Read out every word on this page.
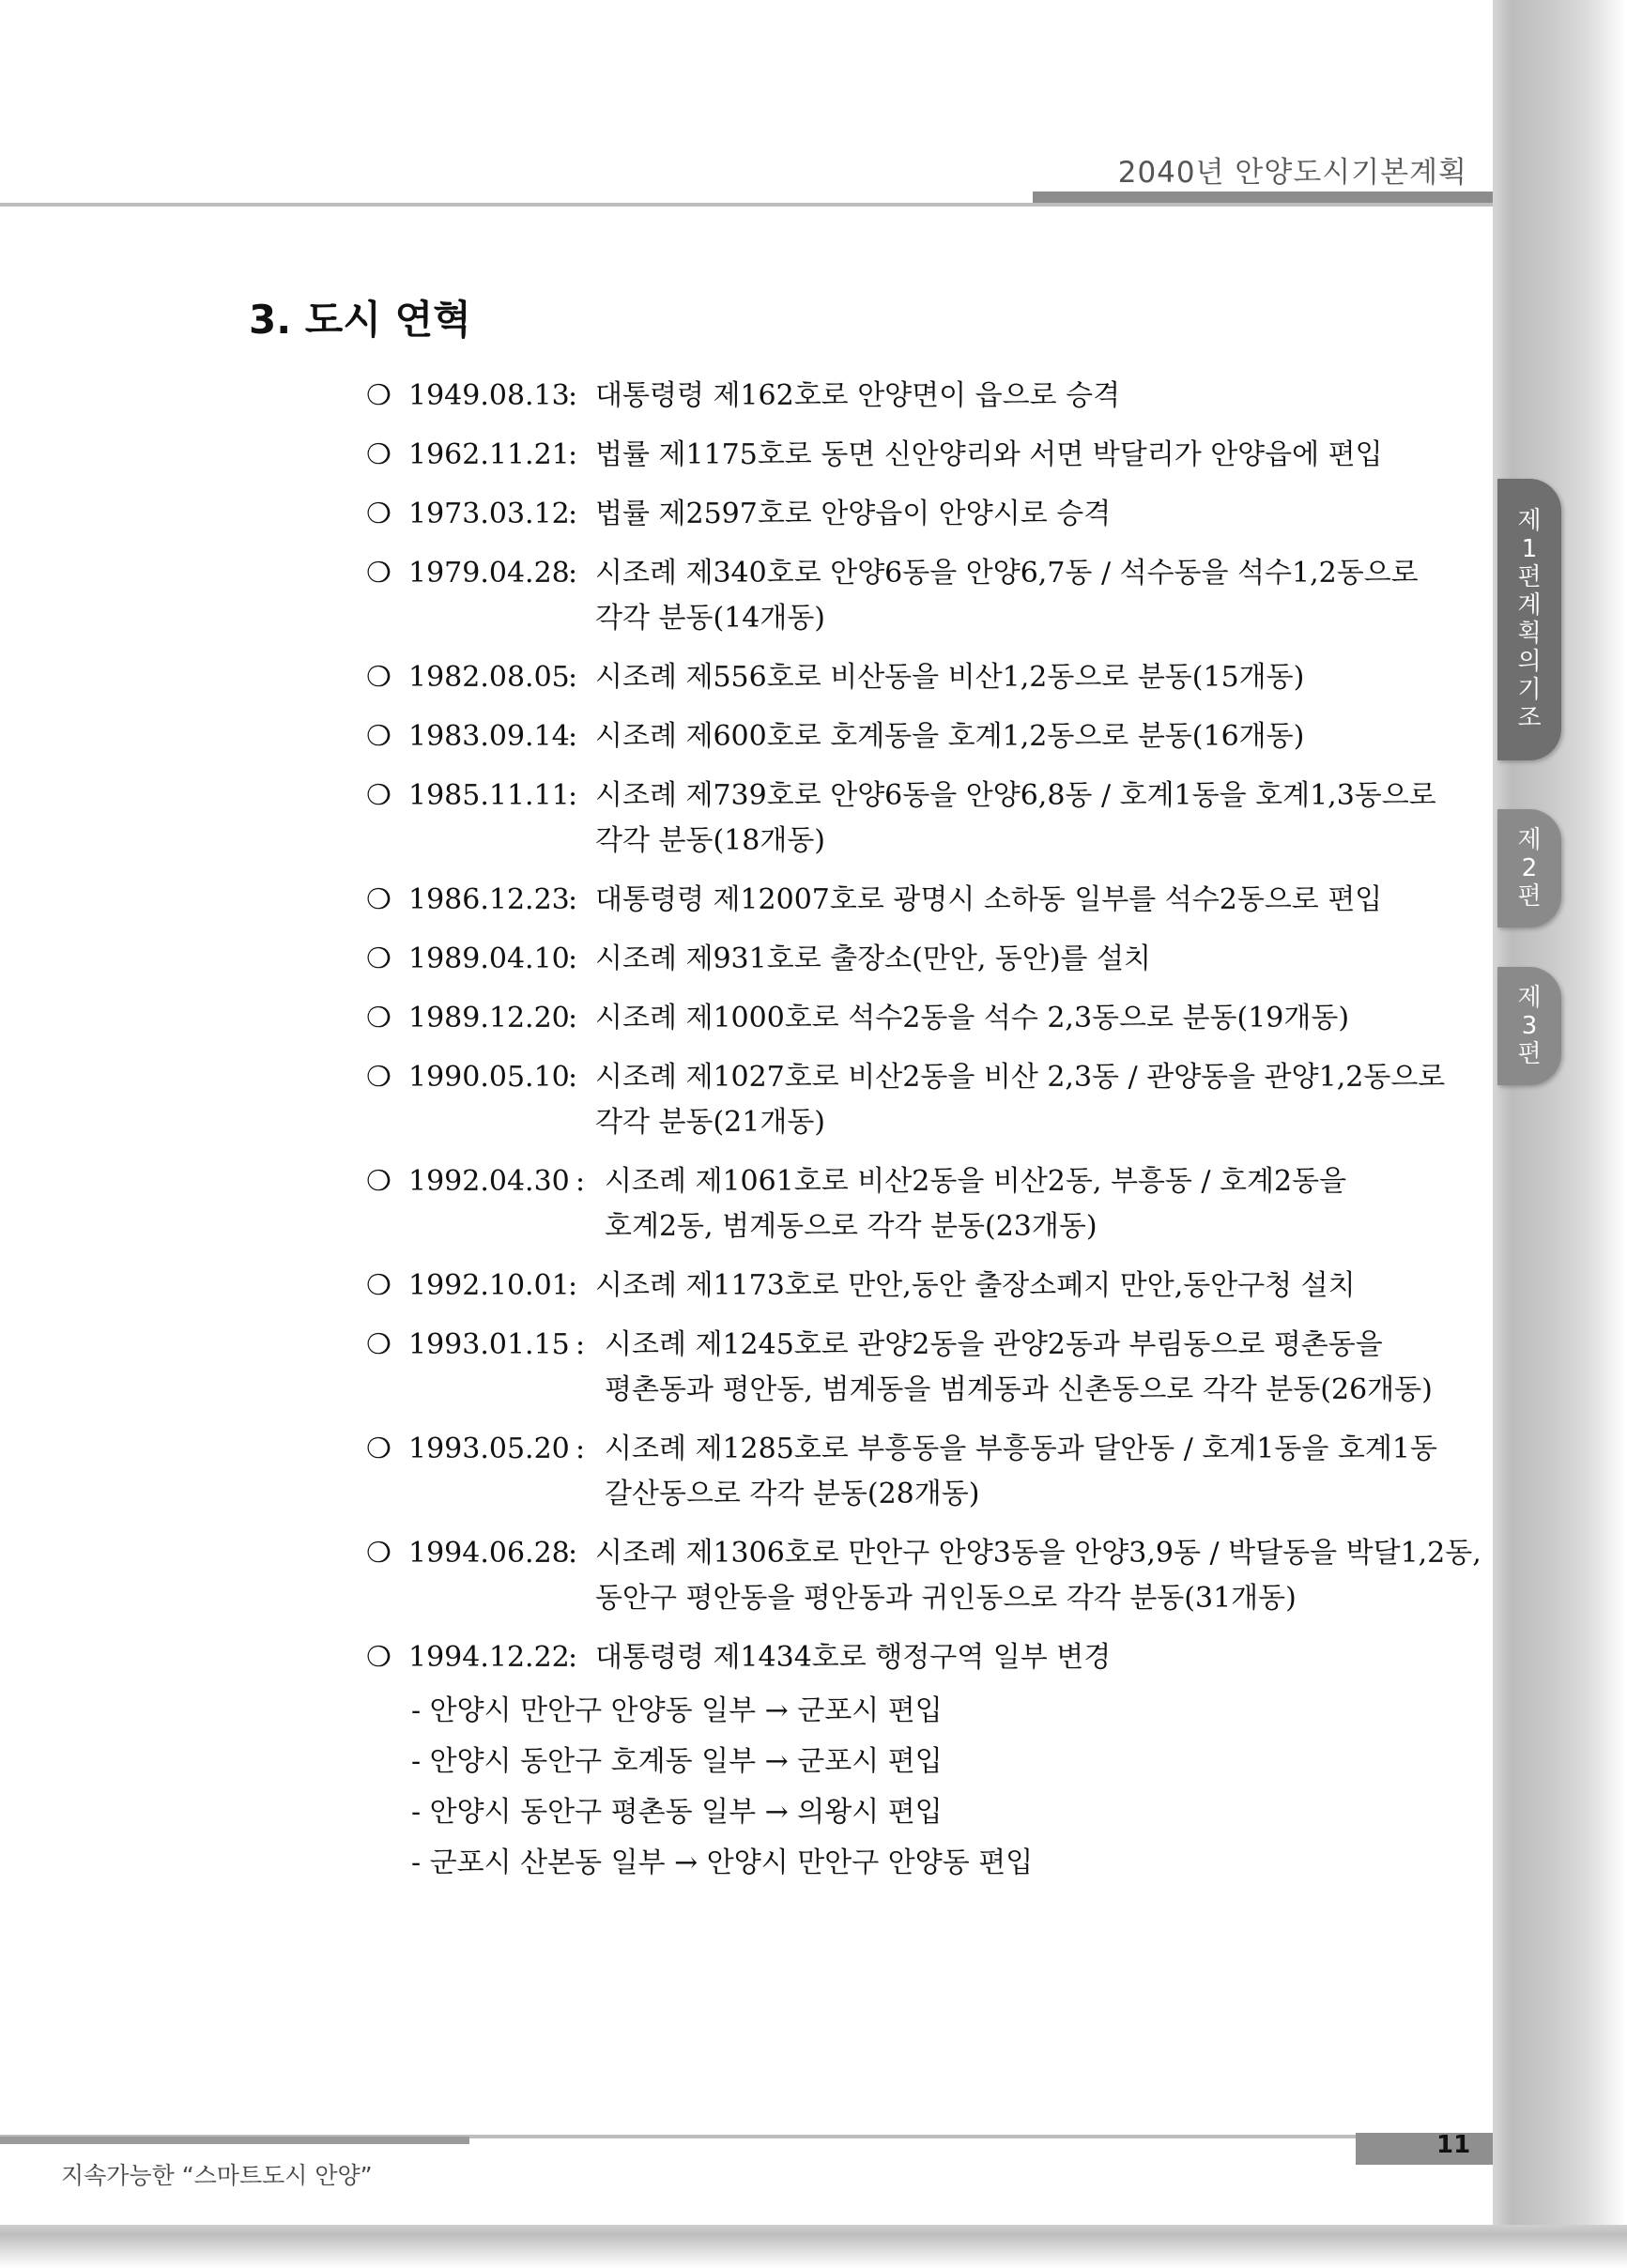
2040년 안양도시기본계획
제
1
편
계
획
의
기
조
제
2
편
제
3
편
3. 도시 연혁
❍ 1949.08.13
: 대통령령 제162호로 안양면이 읍으로 승격
❍ 1962.11.21
: 법률 제1175호로 동면 신안양리와 서면 박달리가 안양읍에 편입
❍ 1973.03.12
: 법률 제2597호로 안양읍이 안양시로 승격
❍ 1979.04.28
: 시조례 제340호로 안양6동을 안양6,7동 / 석수동을 석수1,2동으로
각각 분동(14개동)
❍ 1982.08.05
: 시조례 제556호로 비산동을 비산1,2동으로 분동(15개동)
❍ 1983.09.14
: 시조례 제600호로 호계동을 호계1,2동으로 분동(16개동)
❍ 1985.11.11
: 시조례 제739호로 안양6동을 안양6,8동 / 호계1동을 호계1,3동으로
각각 분동(18개동)
❍ 1986.12.23
: 대통령령 제12007호로 광명시 소하동 일부를 석수2동으로 편입
❍ 1989.04.10
: 시조례 제931호로 출장소(만안, 동안)를 설치
❍ 1989.12.20
: 시조례 제1000호로 석수2동을 석수 2,3동으로 분동(19개동)
❍ 1990.05.10
: 시조례 제1027호로 비산2동을 비산 2,3동 / 관양동을 관양1,2동으로
각각 분동(21개동)
❍ 1992.04.30 : 시조례 제1061호로 비산2동을 비산2동, 부흥동 / 호계2동을
호계2동, 범계동으로 각각 분동(23개동)
❍ 1992.10.01
: 시조례 제1173호로 만안,동안 출장소폐지 만안,동안구청 설치
❍ 1993.01.15 : 시조례 제1245호로 관양2동을 관양2동과 부림동으로 평촌동을
평촌동과 평안동, 범계동을 범계동과 신촌동으로 각각 분동(26개동)
❍ 1993.05.20 : 시조례 제1285호로 부흥동을 부흥동과 달안동 / 호계1동을 호계1동
갈산동으로 각각 분동(28개동)
❍ 1994.06.28
: 시조례 제1306호로 만안구 안양3동을 안양3,9동 / 박달동을 박달1,2동,
동안구 평안동을 평안동과 귀인동으로 각각 분동(31개동)
❍ 1994.12.22
: 대통령령 제1434호로 행정구역 일부 변경
- 안양시 만안구 안양동 일부 → 군포시 편입
- 안양시 동안구 호계동 일부 → 군포시 편입
- 안양시 동안구 평촌동 일부 → 의왕시 편입
- 군포시 산본동 일부 → 안양시 만안구 안양동 편입
지속가능한 “스마트도시 안양”
11
